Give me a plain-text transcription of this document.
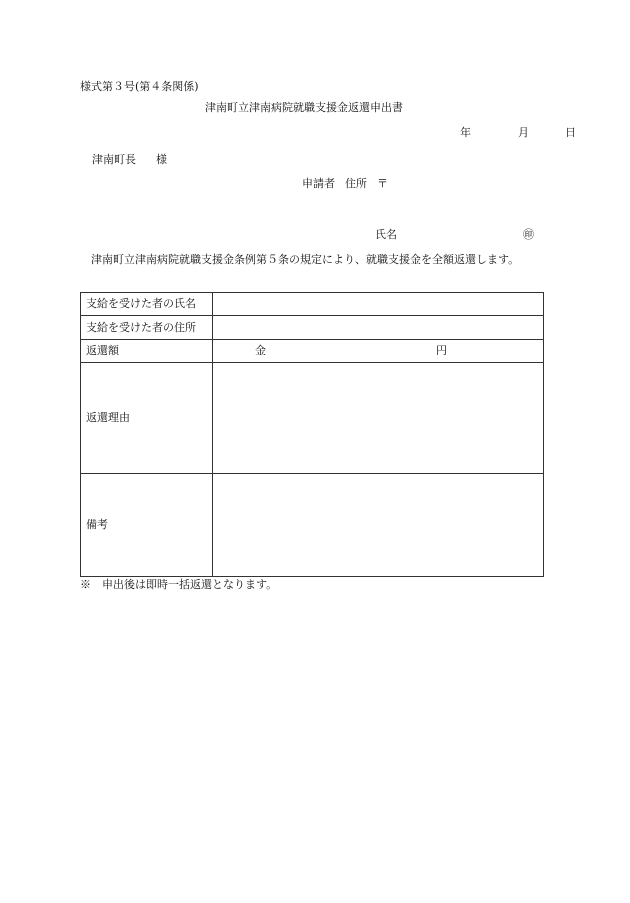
様式第３号(第４条関係)
津南町立津南病院就職支援金返還申出書
年	月	日
津南町長 様
申請者 住所 〒
氏名	㊞
津南町立津南病院就職支援金条例第５条の規定により、就職支援金を全額返還します。
支給を受けた者の氏名	
支給を受けた者の住所	
返還額	金 円
返還理由	
備考	
※　申出後は即時一括返還となります。
